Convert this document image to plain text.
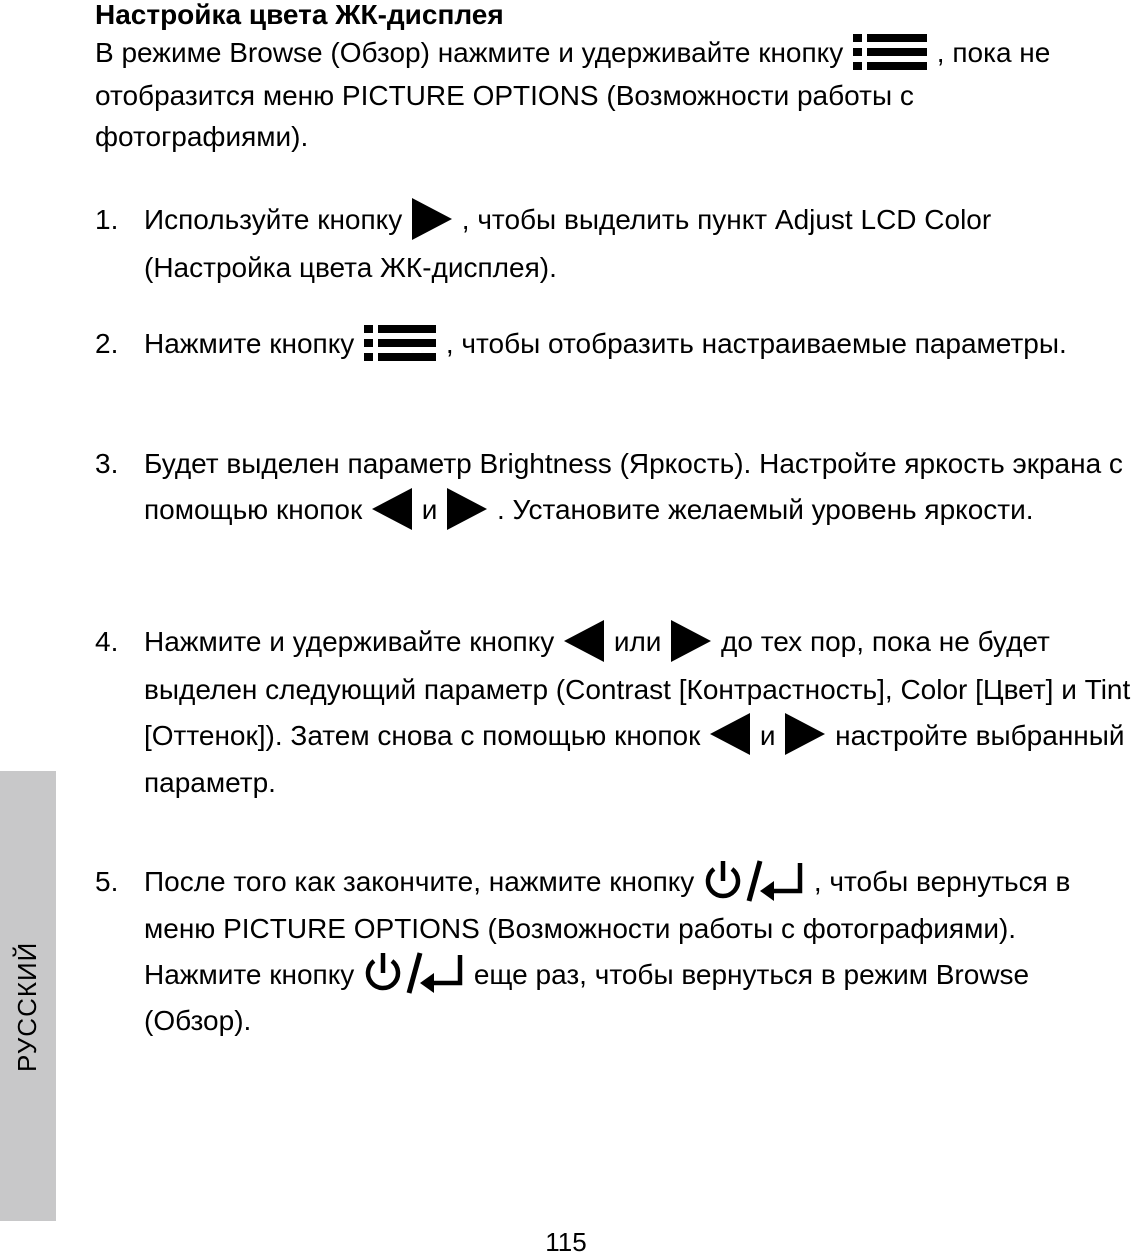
Настройка цвета ЖК-дисплея
В режиме Browse (Обзор) нажмите и удерживайте кнопку	, пока не отобразится меню PICTURE OPTIONS (Возможности работы с фотографиями).
1. Используйте кнопку , чтобы выделить пункт Adjust LCD Color (Настройка цвета ЖК-дисплея).
2. Нажмите кнопку	, чтобы отобразить настраиваемые параметры.
3. Будет выделен параметр Brightness (Яркость). Настройте яркость экрана с помощью кнопок и . Установите желаемый уровень яркости.
4. Нажмите и удерживайте кнопку или до тех пор, пока не будет выделен следующий параметр (Contrast [Контрастность], Color [Цвет] и Tint [Оттенок]). Затем снова с помощью кнопок и настройте выбранный параметр.
5. После того как закончите, нажмите кнопку	, чтобы вернуться в меню PICTURE OPTIONS (Возможности работы с фотографиями). Нажмите кнопку	еще раз, чтобы вернуться в режим Browse (Обзор).
РУССКИЙ
115
